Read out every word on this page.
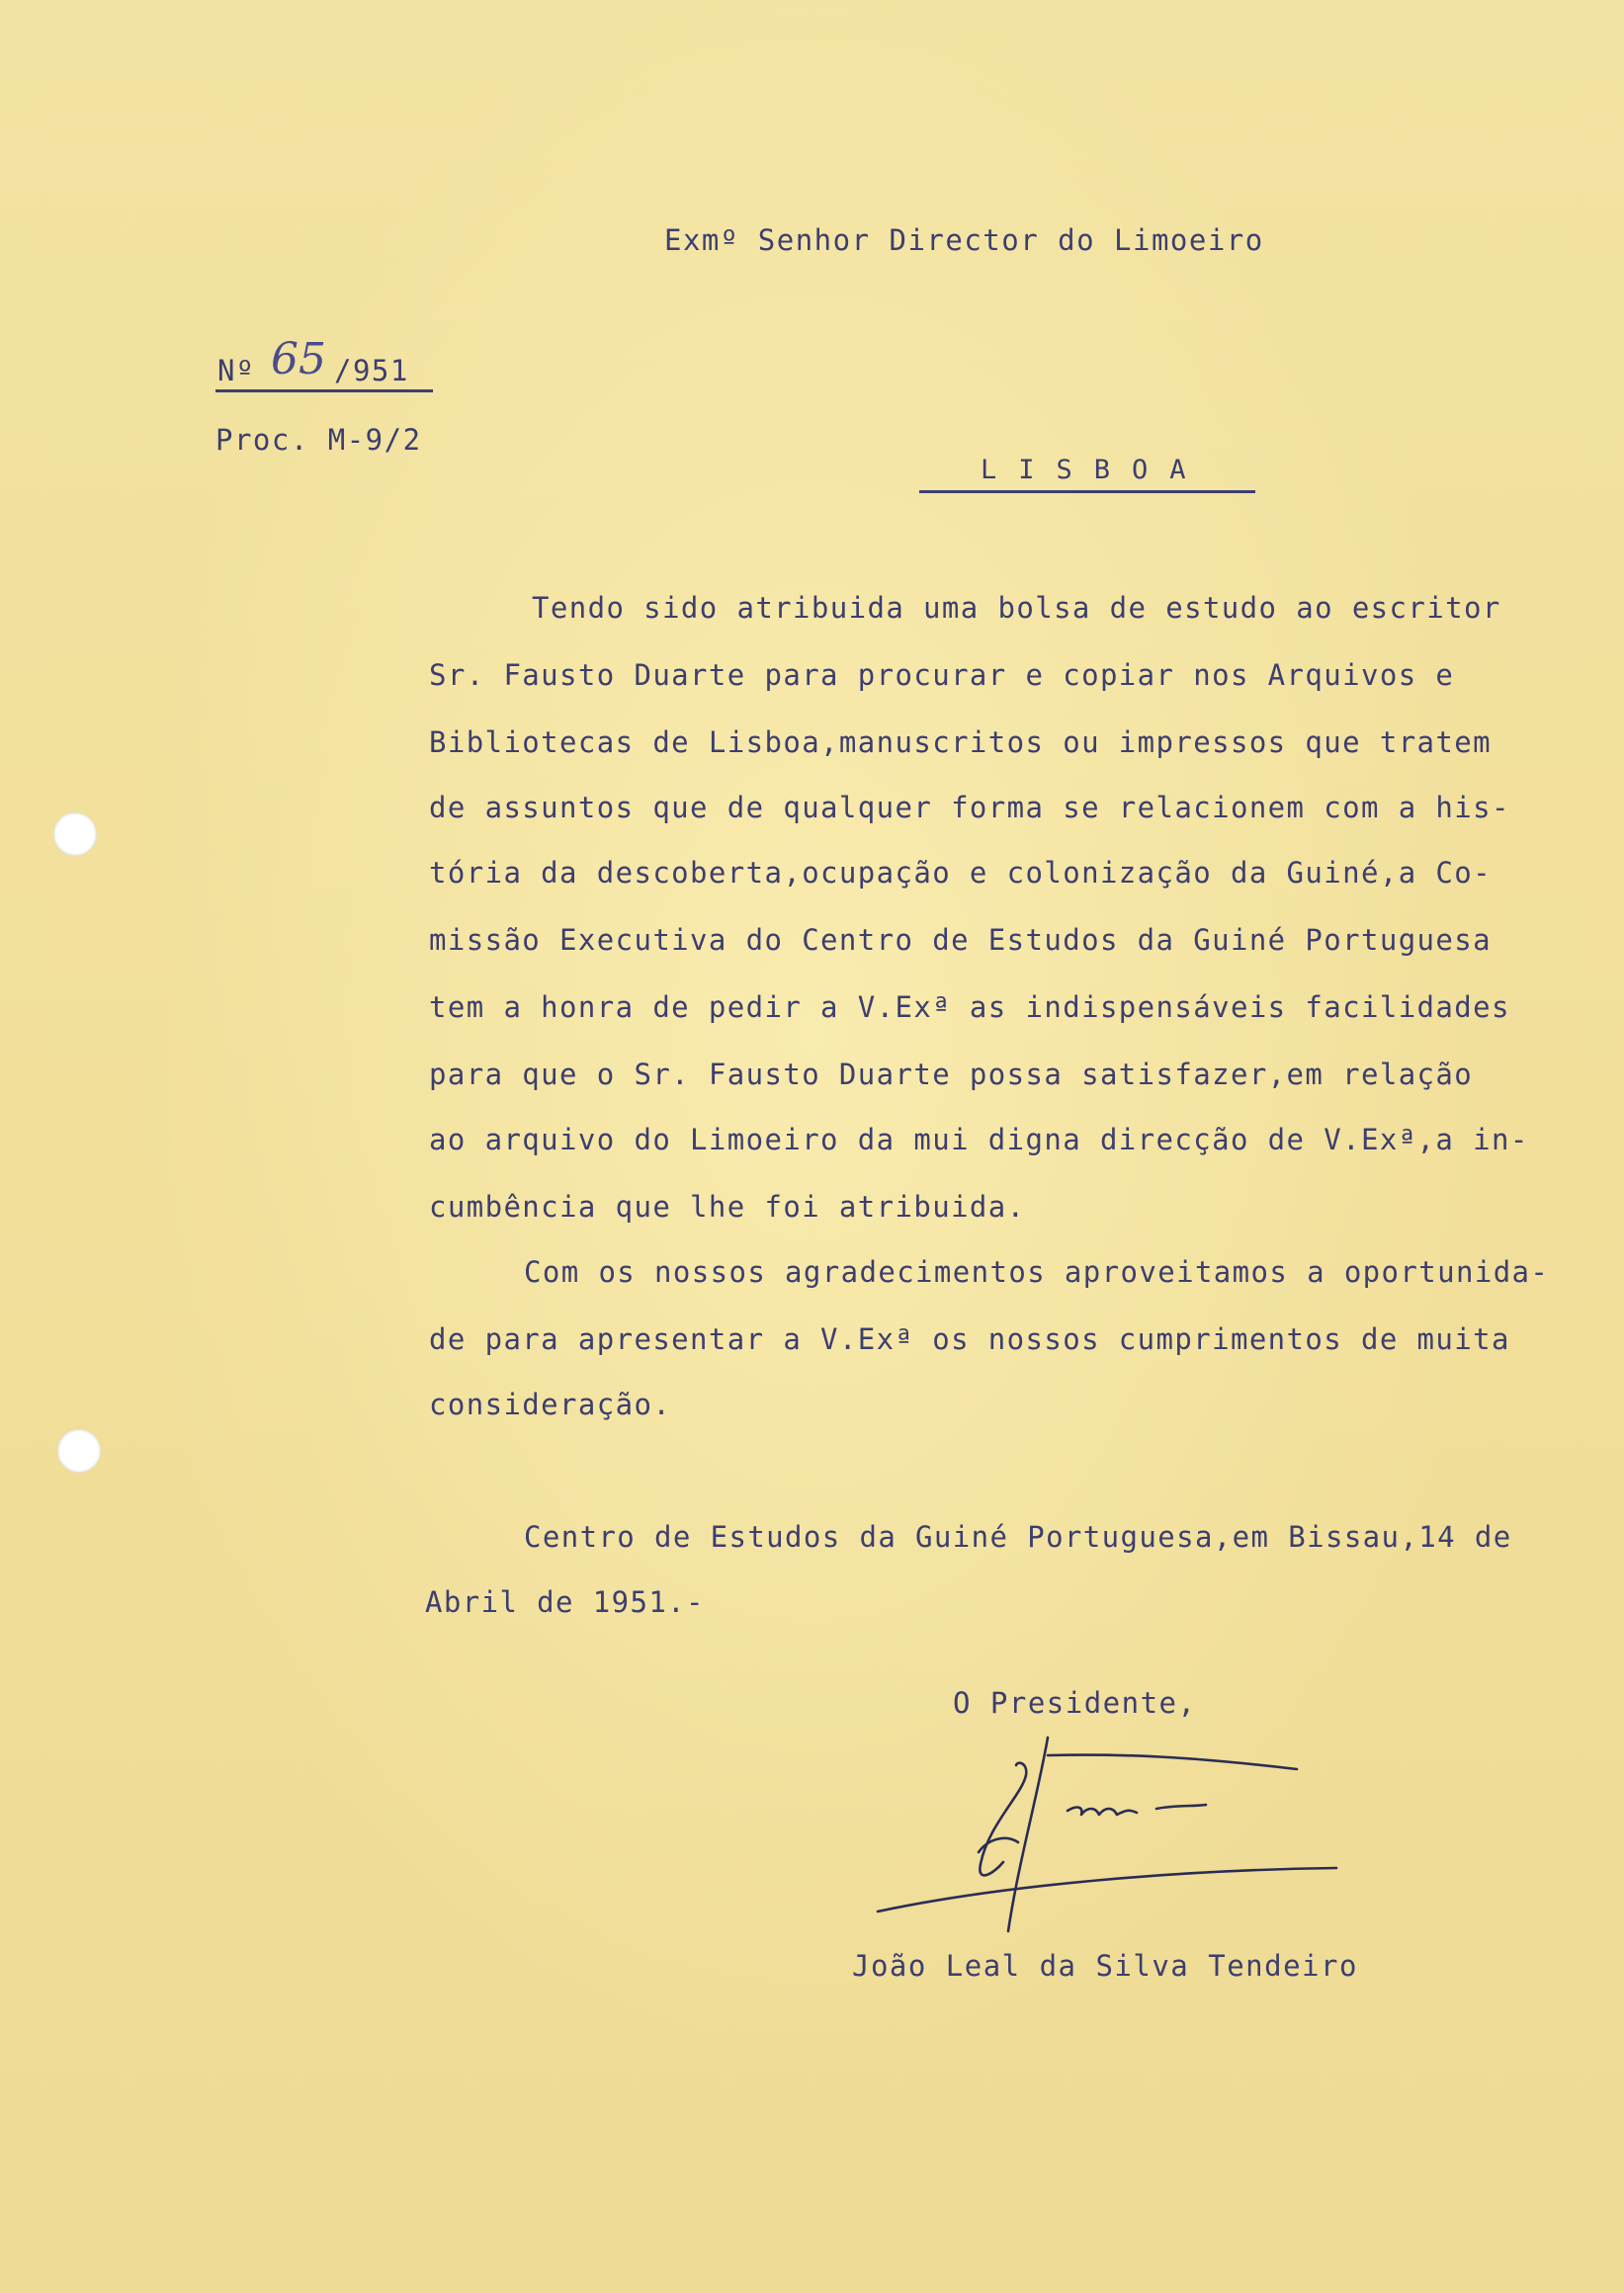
Exmº Senhor Director do Limoeiro
Nº 65 /951
Proc. M-9/2
LISBOA
Tendo sido atribuida uma bolsa de estudo ao escritor
Sr. Fausto Duarte para procurar e copiar nos Arquivos e
Bibliotecas de Lisboa,manuscritos ou impressos que tratem
de assuntos que de qualquer forma se relacionem com a his-
tória da descoberta,ocupação e colonização da Guiné,a Co-
missão Executiva do Centro de Estudos da Guiné Portuguesa
tem a honra de pedir a V.Exª as indispensáveis facilidades
para que o Sr. Fausto Duarte possa satisfazer,em relação
ao arquivo do Limoeiro da mui digna direcção de V.Exª,a in-
cumbência que lhe foi atribuida.
Com os nossos agradecimentos aproveitamos a oportunida-
de para apresentar a V.Exª os nossos cumprimentos de muita
consideração.
Centro de Estudos da Guiné Portuguesa,em Bissau,14 de
Abril de 1951.-
O Presidente,
João Leal da Silva Tendeiro
